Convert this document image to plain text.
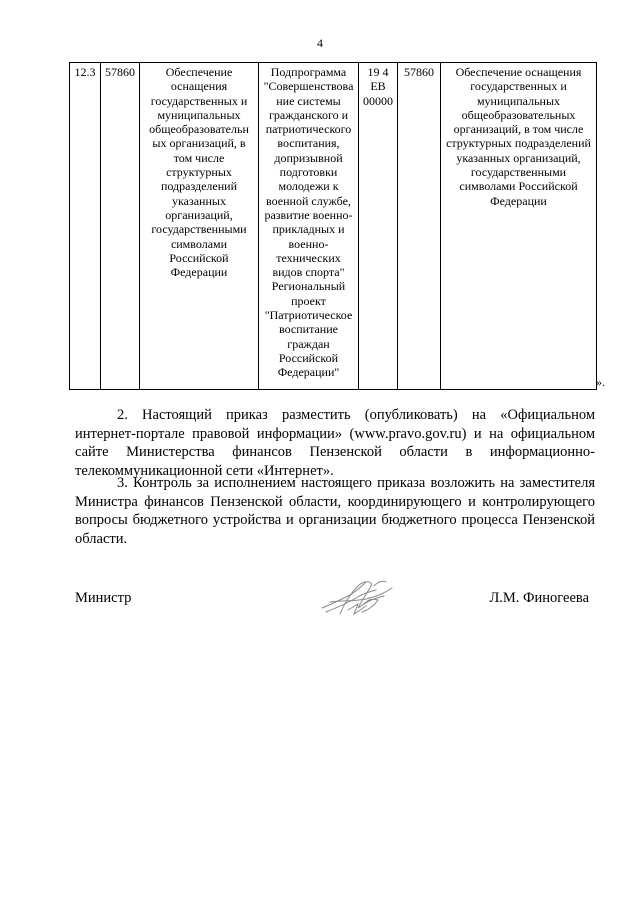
4
12.3	57860	Обеспечение оснащения государственных и муниципальных общеобразовательн ых организаций, в том числе структурных подразделений указанных организаций, государственными символами Российской Федерации	Подпрограмма "Совершенствова ние системы гражданского и патриотического воспитания, допризывной подготовки молодежи к военной службе, развитие военно-прикладных и военно-технических видов спорта" Региональный проект "Патриотическое воспитание граждан Российской Федерации"	19 4 ЕВ 00000	57860	Обеспечение оснащения государственных и муниципальных общеобразовательных организаций, в том числе структурных подразделений указанных организаций, государственными символами Российской Федерации
».
2. Настоящий приказ разместить (опубликовать) на «Официальном интернет-портале правовой информации» (www.pravo.gov.ru) и на официальном сайте Министерства финансов Пензенской области в информационно-телекоммуникационной сети «Интернет».
3. Контроль за исполнением настоящего приказа возложить на заместителя Министра финансов Пензенской области, координирующего и контролирующего вопросы бюджетного устройства и организации бюджетного процесса Пензенской области.
Министр	Л.М. Финогеева
